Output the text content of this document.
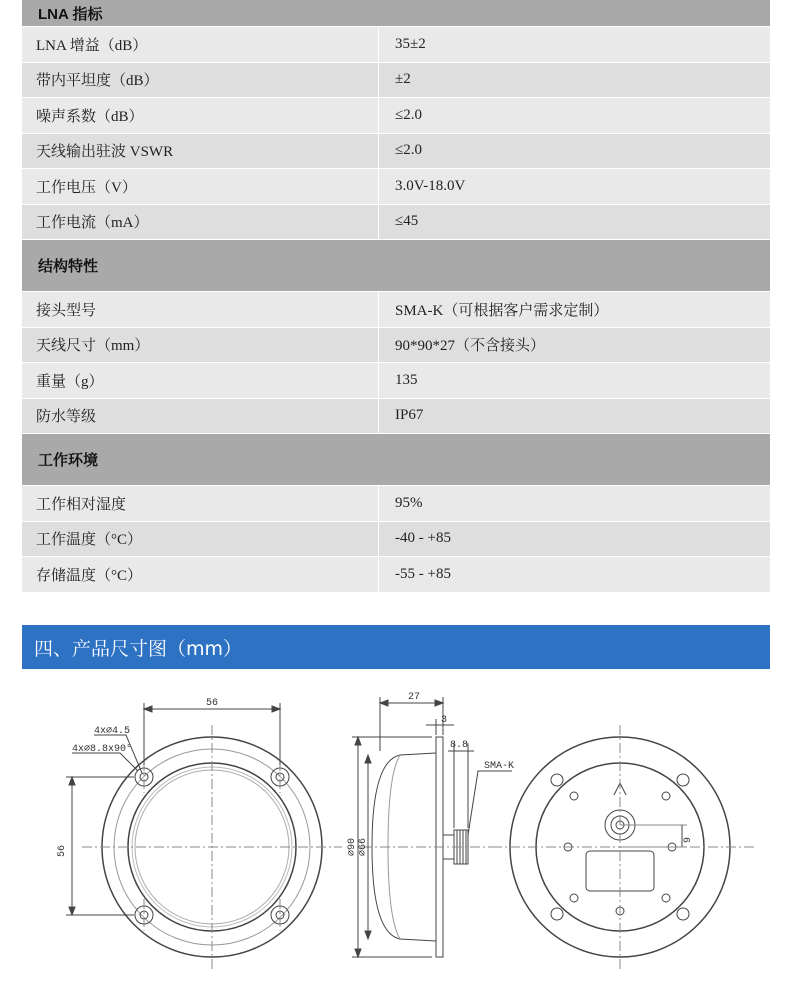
LNA 指标
LNA 增益（dB）	35±2
带内平坦度（dB）	±2
噪声系数（dB）	≤2.0
天线输出驻波 VSWR	≤2.0
工作电压（V）	3.0V-18.0V
工作电流（mA）	≤45
结构特性
接头型号	SMA-K（可根据客户需求定制）
天线尺寸（mm）	90*90*27（不含接头）
重量（g）	135
防水等级	IP67
工作环境
工作相对湿度	95%
工作温度（°C）	-40 - +85
存储温度（°C）	-55 - +85
四、产品尺寸图（mm）
56
56
4x⌀4.5
4x⌀8.8x90°
27
3
8.8
SMA-K
⌀90 ⌀66	9
